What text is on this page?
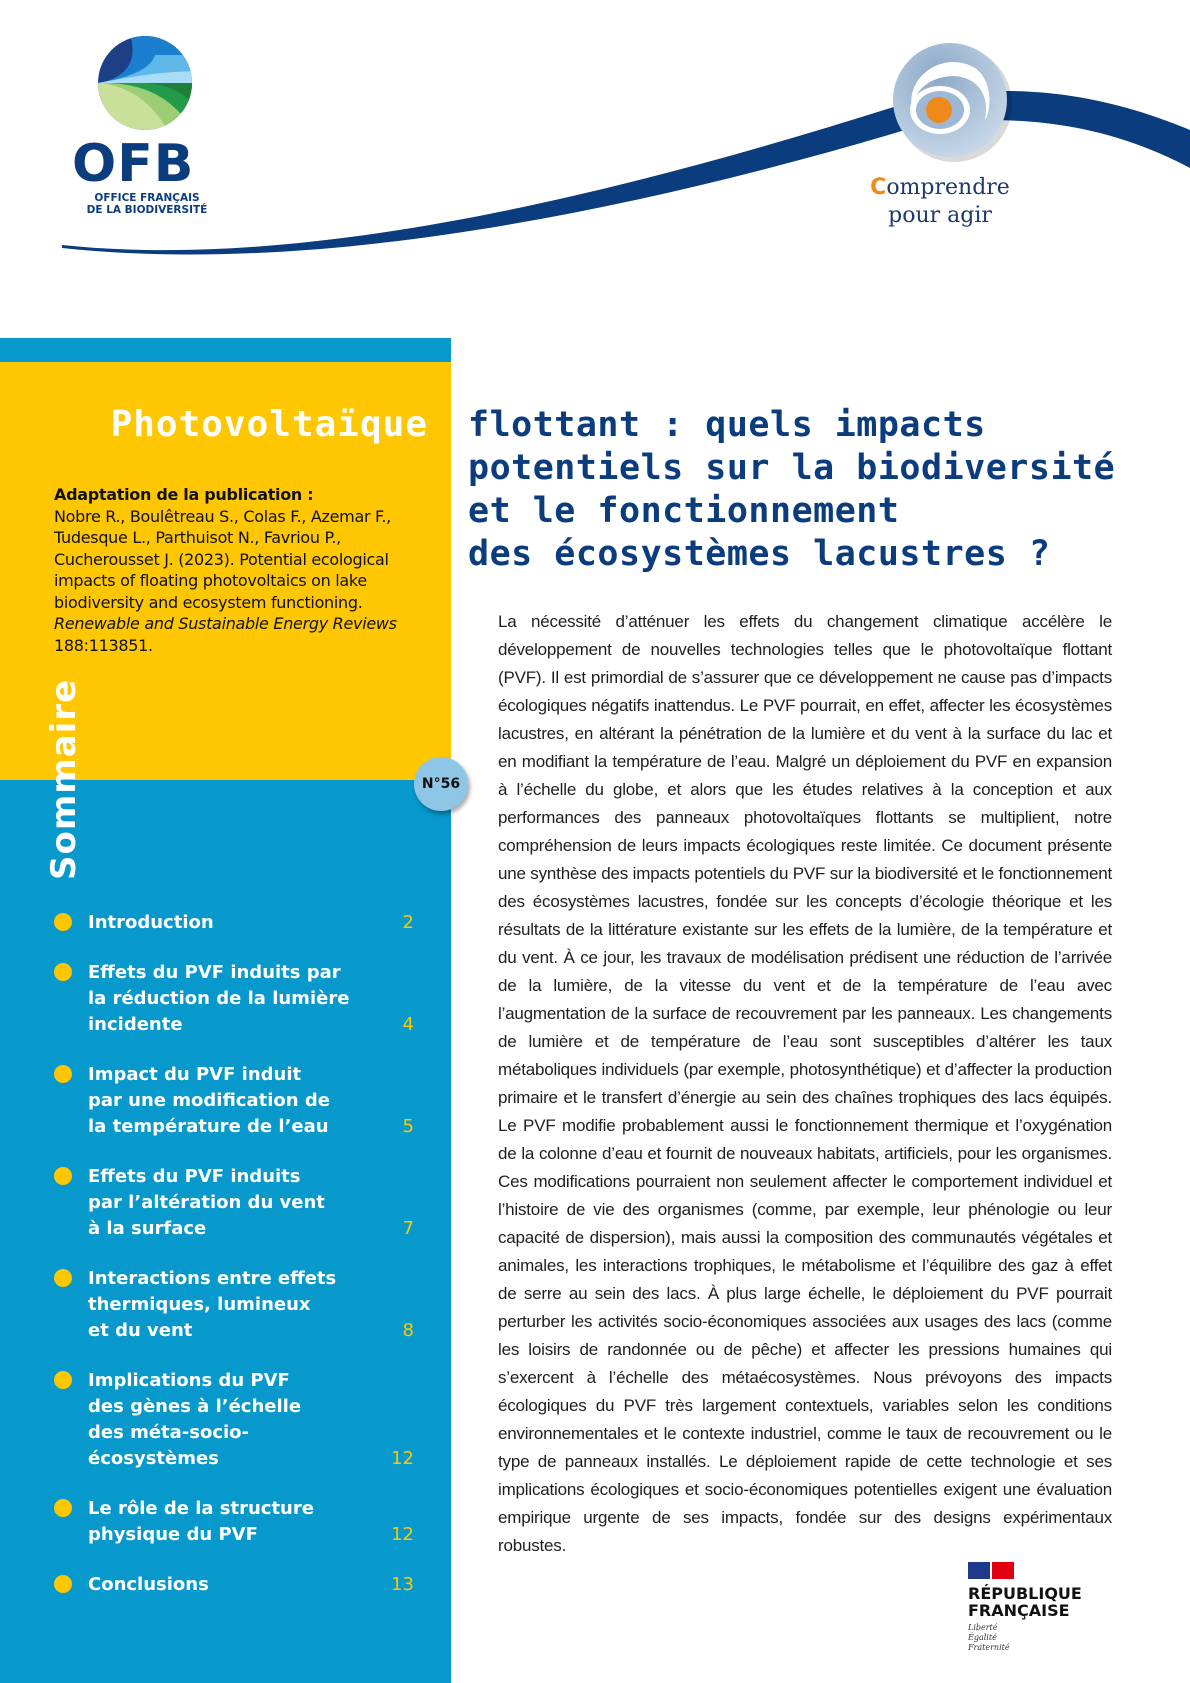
OFB
OFFICE FRANÇAIS
DE LA BIODIVERSITÉ
Comprendre
pour agir
Photovoltaïque flottant : quels impacts
potentiels sur la biodiversité
et le fonctionnement
des écosystèmes lacustres ?
Adaptation de la publication :
Nobre R., Boulêtreau S., Colas F., Azemar F., Tudesque L., Parthuisot N., Favriou P., Cucherousset J. (2023). Potential ecological impacts of floating photovoltaics on lake biodiversity and ecosystem functioning. Renewable and Sustainable Energy Reviews 188:113851.
Sommaire	N°56
Introduction	2
Effets du PVF induits par
la réduction de la lumière
incidente	4
Impact du PVF induit
par une modification de
la température de l’eau	5
Effets du PVF induits
par l’altération du vent
à la surface	7
Interactions entre effets
thermiques, lumineux
et du vent	8
Implications du PVF
des gènes à l’échelle
des méta-socio-écosystèmes	12
Le rôle de la structure
physique du PVF	12
Conclusions	13
La nécessité d’atténuer les effets du changement climatique accélère le développement de nouvelles technologies telles que le photovoltaïque flottant (PVF). Il est primordial de s’assurer que ce développement ne cause pas d’impacts écologiques négatifs inattendus. Le PVF pourrait, en effet, affecter les écosystèmes lacustres, en altérant la pénétration de la lumière et du vent à la surface du lac et en modifiant la température de l’eau. Malgré un déploiement du PVF en expansion à l’échelle du globe, et alors que les études relatives à la conception et aux performances des panneaux photovoltaïques flottants se multiplient, notre compréhension de leurs impacts écologiques reste limitée. Ce document présente une synthèse des impacts potentiels du PVF sur la biodiversité et le fonctionnement des écosystèmes lacustres, fondée sur les concepts d’écologie théorique et les résultats de la littérature existante sur les effets de la lumière, de la température et du vent. À ce jour, les travaux de modélisation prédisent une réduction de l’arrivée de la lumière, de la vitesse du vent et de la température de l’eau avec l’augmentation de la surface de recouvrement par les panneaux. Les changements de lumière et de température de l’eau sont susceptibles d’altérer les taux métaboliques individuels (par exemple, photosynthétique) et d’affecter la production primaire et le transfert d’énergie au sein des chaînes trophiques des lacs équipés. Le PVF modifie probablement aussi le fonctionnement thermique et l’oxygénation de la colonne d’eau et fournit de nouveaux habitats, artificiels, pour les organismes. Ces modifications pourraient non seulement affecter le comportement individuel et l’histoire de vie des organismes (comme, par exemple, leur phénologie ou leur capacité de dispersion), mais aussi la composition des communautés végétales et animales, les interactions trophiques, le métabolisme et l’équilibre des gaz à effet de serre au sein des lacs. À plus large échelle, le déploiement du PVF pourrait perturber les activités socio-économiques associées aux usages des lacs (comme les loisirs de randonnée ou de pêche) et affecter les pressions humaines qui s’exercent à l’échelle des métaécosystèmes. Nous prévoyons des impacts écologiques du PVF très largement contextuels, variables selon les conditions environnementales et le contexte industriel, comme le taux de recouvrement ou le type de panneaux installés. Le déploiement rapide de cette technologie et ses implications écologiques et socio-économiques potentielles exigent une évaluation empirique urgente de ses impacts, fondée sur des designs expérimentaux robustes.
RÉPUBLIQUE
FRANÇAISE
Liberté
Égalité
Fraternité
